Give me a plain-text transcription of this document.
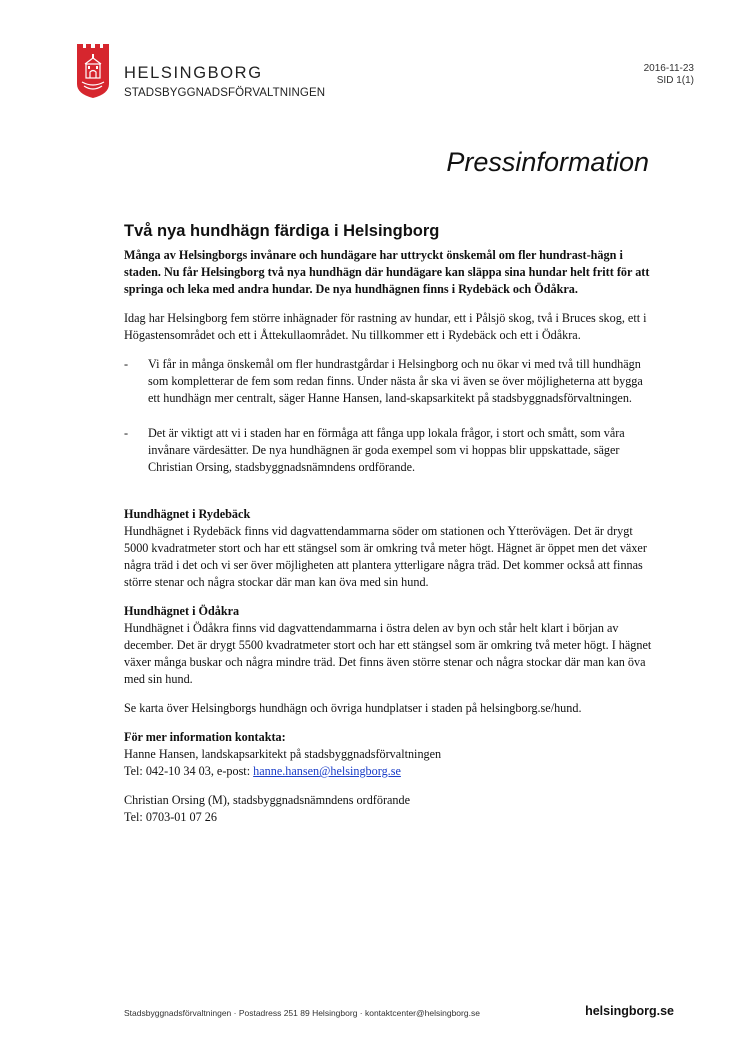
HELSINGBORG
STADSBYGGNADSFÖRVALTNINGEN
2016-11-23
SID 1(1)
Pressinformation
Två nya hundhägn färdiga i Helsingborg

Många av Helsingborgs invånare och hundägare har uttryckt önskemål om fler hundrast-hägn i staden. Nu får Helsingborg två nya hundhägn där hundägare kan släppa sina hundar helt fritt för att springa och leka med andra hundar. De nya hundhägnen finns i Rydebäck och Ödåkra.

Idag har Helsingborg fem större inhägnader för rastning av hundar, ett i Pålsjö skog, två i Bruces skog, ett i Högastensområdet och ett i Åttekullaområdet. Nu tillkommer ett i Rydebäck och ett i Ödåkra.

- Vi får in många önskemål om fler hundrastgårdar i Helsingborg och nu ökar vi med två till hundhägn som kompletterar de fem som redan finns. Under nästa år ska vi även se över möjligheterna att bygga ett hundhägn mer centralt, säger Hanne Hansen, land-skapsarkitekt på stadsbyggnadsförvaltningen.
- Det är viktigt att vi i staden har en förmåga att fånga upp lokala frågor, i stort och smått, som våra invånare värdesätter. De nya hundhägnen är goda exempel som vi hoppas blir uppskattade, säger Christian Orsing, stadsbyggnadsnämndens ordförande.

Hundhägnet i Rydebäck
Hundhägnet i Rydebäck finns vid dagvattendammarna söder om stationen och Ytterövägen. Det är drygt 5000 kvadratmeter stort och har ett stängsel som är omkring två meter högt. Hägnet är öppet men det växer några träd i det och vi ser över möjligheten att plantera ytterligare några träd. Det kommer också att finnas större stenar och några stockar där man kan öva med sin hund.

Hundhägnet i Ödåkra
Hundhägnet i Ödåkra finns vid dagvattendammarna i östra delen av byn och står helt klart i början av december. Det är drygt 5500 kvadratmeter stort och har ett stängsel som är omkring två meter högt. I hägnet växer många buskar och några mindre träd. Det finns även större stenar och några stockar där man kan öva med sin hund.

Se karta över Helsingborgs hundhägn och övriga hundplatser i staden på helsingborg.se/hund.

För mer information kontakta:
Hanne Hansen, landskapsarkitekt på stadsbyggnadsförvaltningen
Tel: 042-10 34 03, e-post: hanne.hansen@helsingborg.se

Christian Orsing (M), stadsbyggnadsnämndens ordförande
Tel: 0703-01 07 26

Stadsbyggnadsförvaltningen · Postadress 251 89 Helsingborg · kontaktcenter@helsingborg.se	helsingborg.se
